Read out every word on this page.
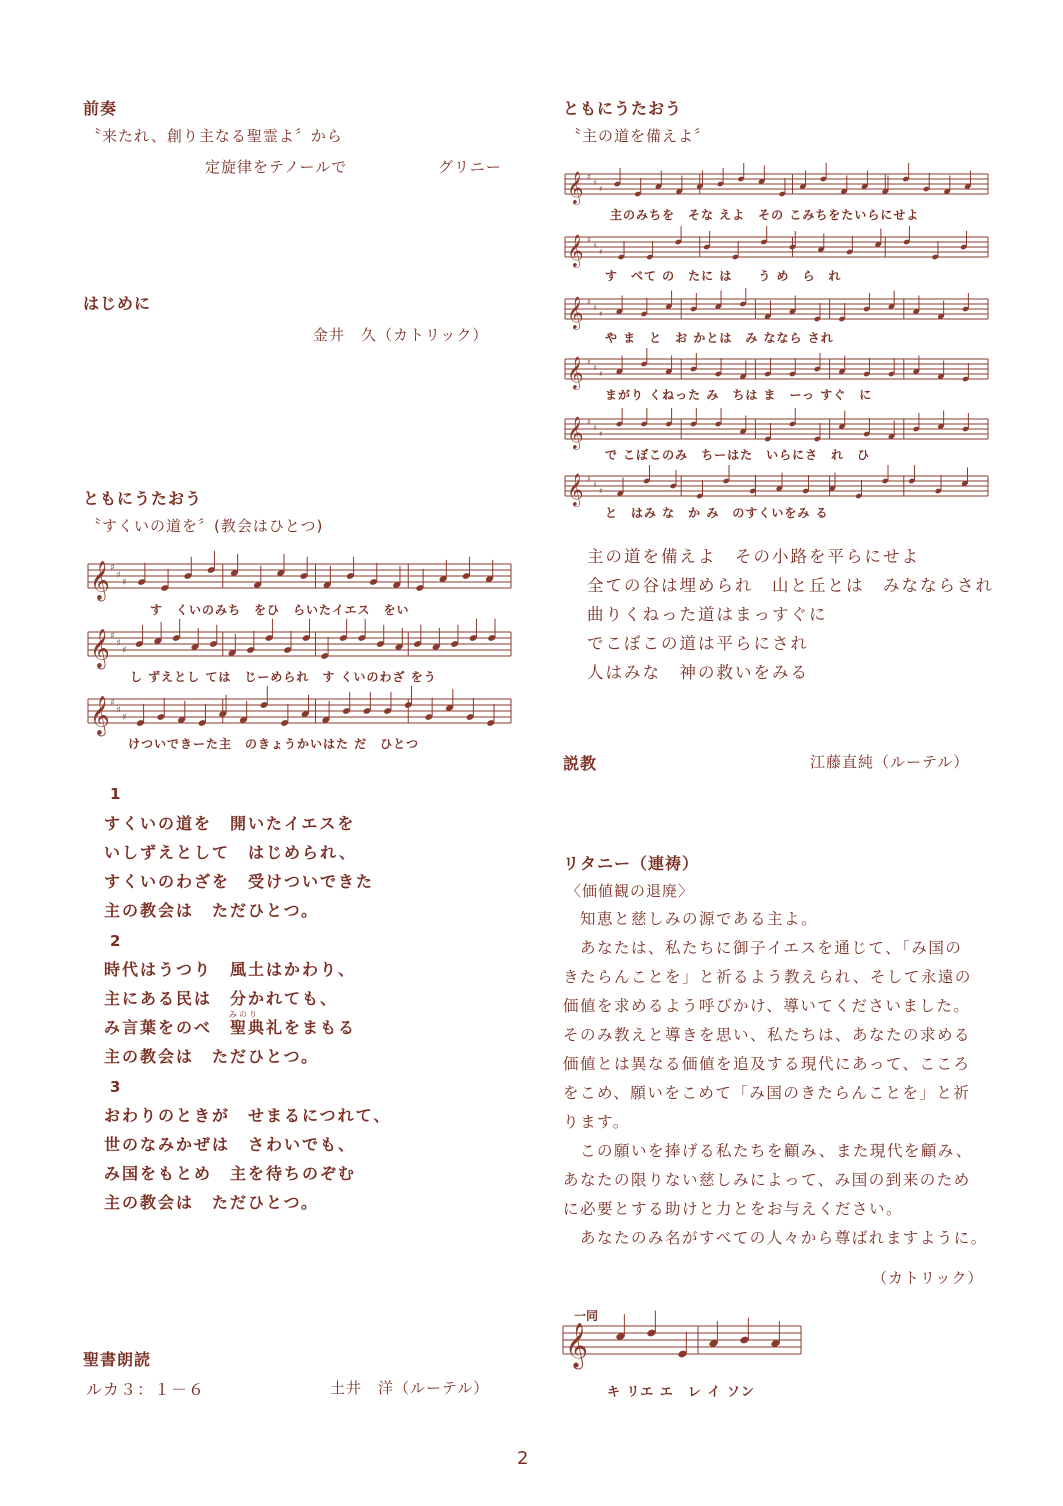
前奏
〝来たれ、創り主なる聖霊よ〞から
定旋律をテノールで	グリニー
はじめに
金井　久（カトリック）
ともにうたおう
〝すくいの道を〞(教会はひとつ)
𝄞 ♯
♯
♯
す　くいのみち　をひ　らいたイエス　をい
𝄞 ♯
♯
♯
し ずえとし ては　じーめられ　す くいのわざ をう
𝄞 ♯
♯
♯
けついできーた主　のきょうかいはた だ　ひとつ
1
すくいの道を　開いたイエスを
いしずえとして　はじめられ、
すくいのわざを　受けついできた
主の教会は　ただひとつ。
2
みのり
時代はうつり　風土はかわり、
主にある民は　分かれても、
み言葉をのべ　聖典礼をまもる
主の教会は　ただひとつ。
3
おわりのときが　せまるにつれて、
世のなみかぜは　さわいでも、
み国をもとめ　主を待ちのぞむ
主の教会は　ただひとつ。
聖書朗読
ルカ３：１－６	土井　洋（ルーテル）
ともにうたおう
〝主の道を備えよ〞
𝄞 ♯
♯
♯
主のみちを　そな えよ　その こみちをたいらにせよ
𝄞 ♯
♯
♯
す　べて の　たに は　　う め　ら　れ
𝄞 ♯
♯
♯
や ま　と　お かとは　み ななら され
𝄞 ♯
♯
♯
まがり くねった み　ちは ま　ーっ すぐ　に
𝄞 ♯
♯
♯
で こぼこのみ　ちーはた　いらにさ　れ　ひ
𝄞 ♯
♯
♯
と　はみ な　か み　のすくいをみ る
主の道を備えよ　その小路を平らにせよ
全ての谷は埋められ　山と丘とは　みなならされ
曲りくねった道はまっすぐに
でこぼこの道は平らにされ
人はみな　神の救いをみる
説教	江藤直純（ルーテル）
リタニー（連祷）
〈価値観の退廃〉
　知恵と慈しみの源である主よ。
　あなたは、私たちに御子イエスを通じて、「み国の
きたらんことを」と祈るよう教えられ、そして永遠の
価値を求めるよう呼びかけ、導いてくださいました。
そのみ教えと導きを思い、私たちは、あなたの求める
価値とは異なる価値を追及する現代にあって、こころ
をこめ、願いをこめて「み国のきたらんことを」と祈
ります。
　この願いを捧げる私たちを顧み、また現代を顧み、
あなたの限りない慈しみによって、み国の到来のため
に必要とする助けと力とをお与えください。
　あなたのみ名がすべての人々から尊ばれますように。
（カトリック）
一同
𝄞
キ リエ エ　レ イ ソン
2
